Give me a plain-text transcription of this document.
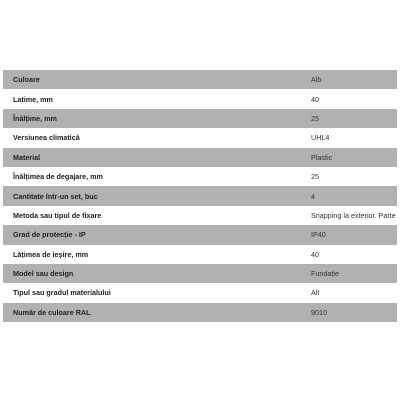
Culoare	Alb
Latime, mm	40
Înălțime, mm	25
Versiunea climatică	UHL4
Material	Plastic
Înălțimea de degajare, mm	25
Cantitate într-un set, buc	4
Metoda sau tipul de fixare	Snapping la exterior. Parte
Grad de protecție - IP	IP40
Lățimea de ieșire, mm	40
Model sau design	Fundație
Tipul sau gradul materialului	Alt
Număr de culoare RAL	9010
